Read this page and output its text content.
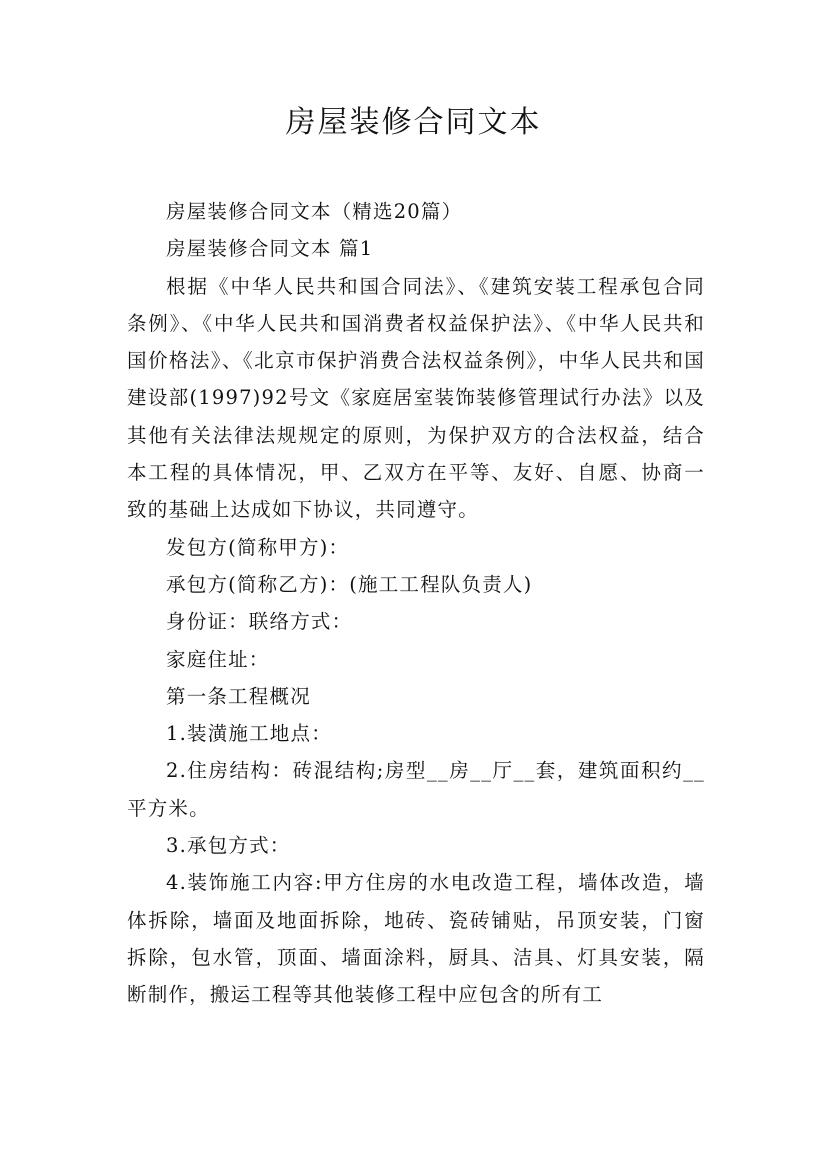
房屋装修合同文本

房屋装修合同文本（精选20篇）

房屋装修合同文本 篇1

根据《中华人民共和国合同法》、《建筑安装工程承包合同条例》、《中华人民共和国消费者权益保护法》、《中华人民共和国价格法》、《北京市保护消费合法权益条例》，中华人民共和国建设部(1997)92号文《家庭居室装饰装修管理试行办法》以及其他有关法律法规规定的原则，为保护双方的合法权益，结合本工程的具体情况，甲、乙双方在平等、友好、自愿、协商一致的基础上达成如下协议，共同遵守。

发包方(简称甲方)：

承包方(简称乙方)：(施工工程队负责人)

身份证：联络方式：

家庭住址：

第一条工程概况

1.装潢施工地点：

2.住房结构：砖混结构;房型__房__厅__套，建筑面积约__平方米。

3.承包方式：

4.装饰施工内容:甲方住房的水电改造工程，墙体改造，墙体拆除，墙面及地面拆除，地砖、瓷砖铺贴，吊顶安装，门窗拆除，包水管，顶面、墙面涂料，厨具、洁具、灯具安装，隔断制作，搬运工程等其他装修工程中应包含的所有工
